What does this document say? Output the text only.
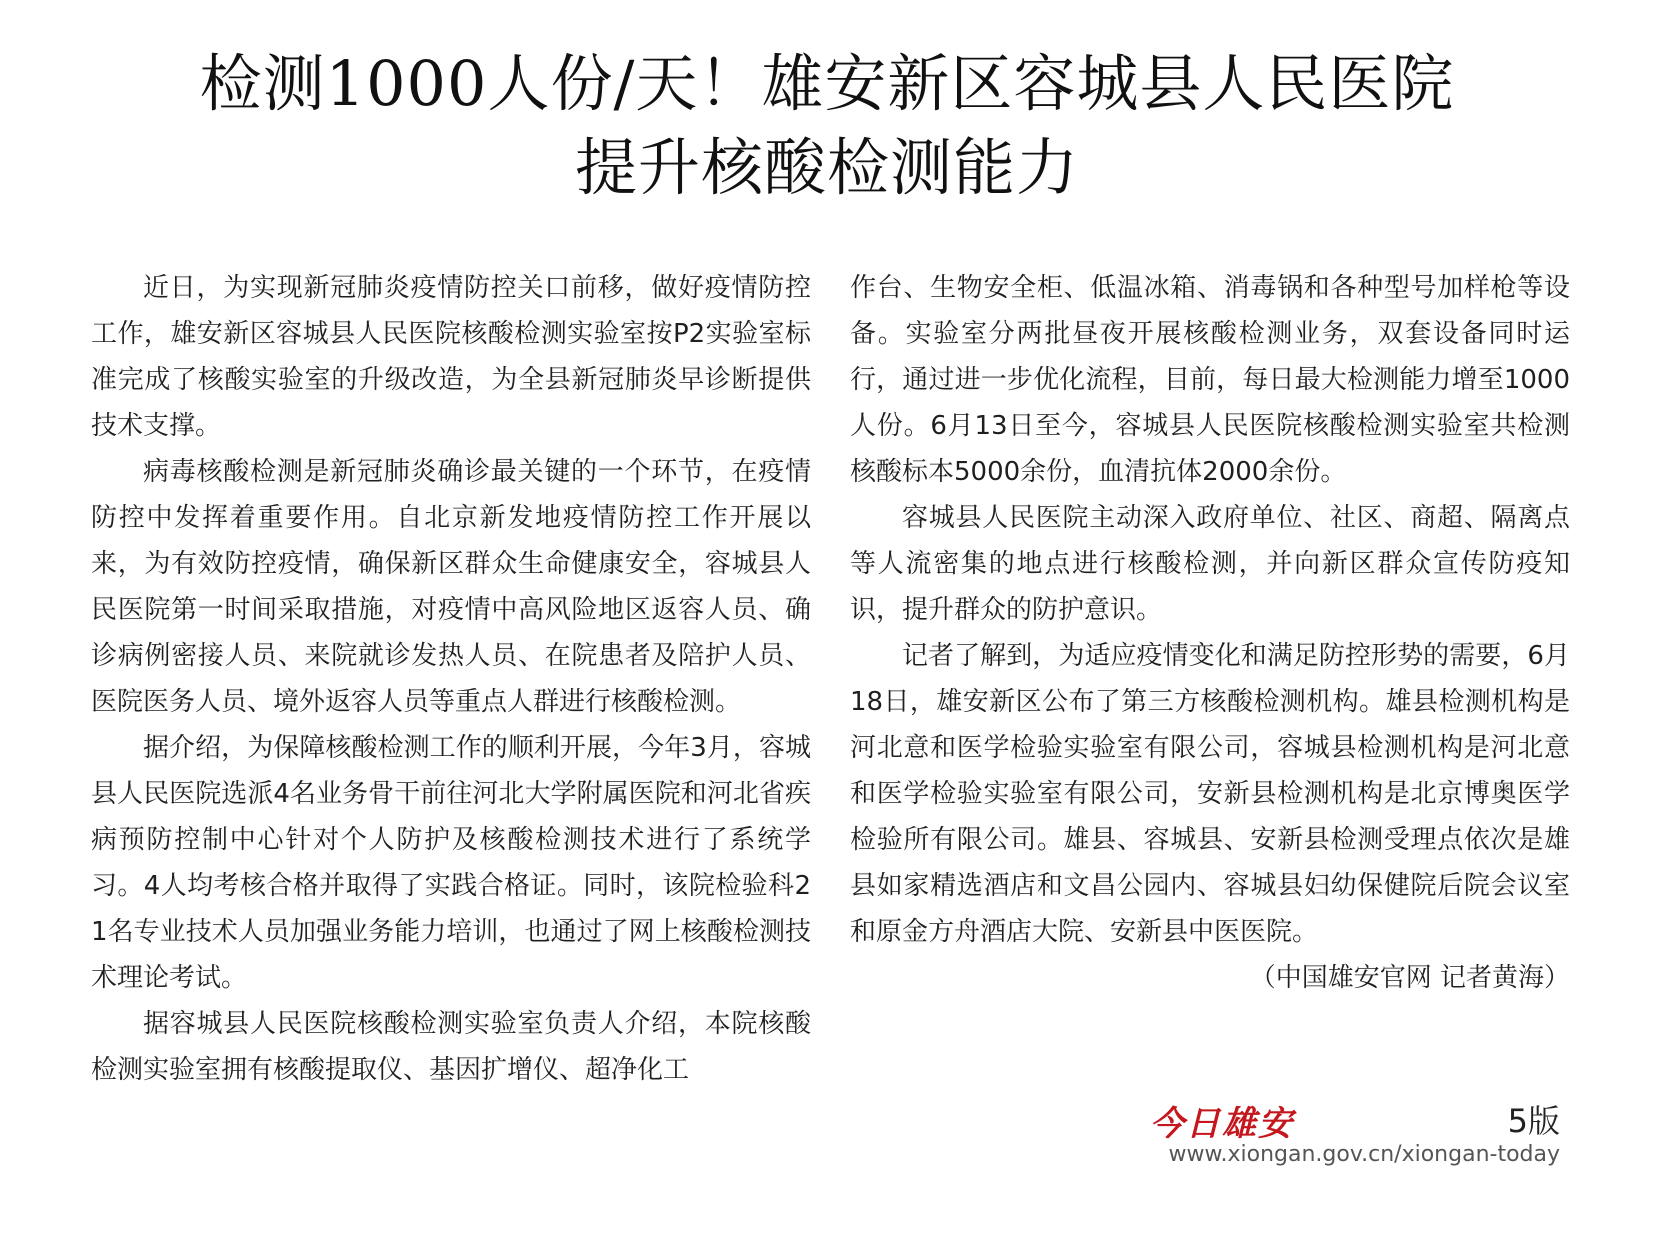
检测1000人份/天！雄安新区容城县人民医院
提升核酸检测能力

近日，为实现新冠肺炎疫情防控关口前移，做好疫情防控工作，雄安新区容城县人民医院核酸检测实验室按P2实验室标准完成了核酸实验室的升级改造，为全县新冠肺炎早诊断提供技术支撑。

病毒核酸检测是新冠肺炎确诊最关键的一个环节，在疫情防控中发挥着重要作用。自北京新发地疫情防控工作开展以来，为有效防控疫情，确保新区群众生命健康安全，容城县人民医院第一时间采取措施，对疫情中高风险地区返容人员、确诊病例密接人员、来院就诊发热人员、在院患者及陪护人员、医院医务人员、境外返容人员等重点人群进行核酸检测。

据介绍，为保障核酸检测工作的顺利开展，今年3月，容城县人民医院选派4名业务骨干前往河北大学附属医院和河北省疾病预防控制中心针对个人防护及核酸检测技术进行了系统学习。4人均考核合格并取得了实践合格证。同时，该院检验科21名专业技术人员加强业务能力培训，也通过了网上核酸检测技术理论考试。

据容城县人民医院核酸检测实验室负责人介绍，本院核酸检测实验室拥有核酸提取仪、基因扩增仪、超净化工

作台、生物安全柜、低温冰箱、消毒锅和各种型号加样枪等设备。实验室分两批昼夜开展核酸检测业务，双套设备同时运行，通过进一步优化流程，目前，每日最大检测能力增至1000人份。6月13日至今，容城县人民医院核酸检测实验室共检测核酸标本5000余份，血清抗体2000余份。

容城县人民医院主动深入政府单位、社区、商超、隔离点等人流密集的地点进行核酸检测，并向新区群众宣传防疫知识，提升群众的防护意识。

记者了解到，为适应疫情变化和满足防控形势的需要，6月18日，雄安新区公布了第三方核酸检测机构。雄县检测机构是河北意和医学检验实验室有限公司，容城县检测机构是河北意和医学检验实验室有限公司，安新县检测机构是北京博奥医学检验所有限公司。雄县、容城县、安新县检测受理点依次是雄县如家精选酒店和文昌公园内、容城县妇幼保健院后院会议室和原金方舟酒店大院、安新县中医医院。
（中国雄安官网 记者黄海）

今日雄安	5版
www.xiongan.gov.cn/xiongan-today
